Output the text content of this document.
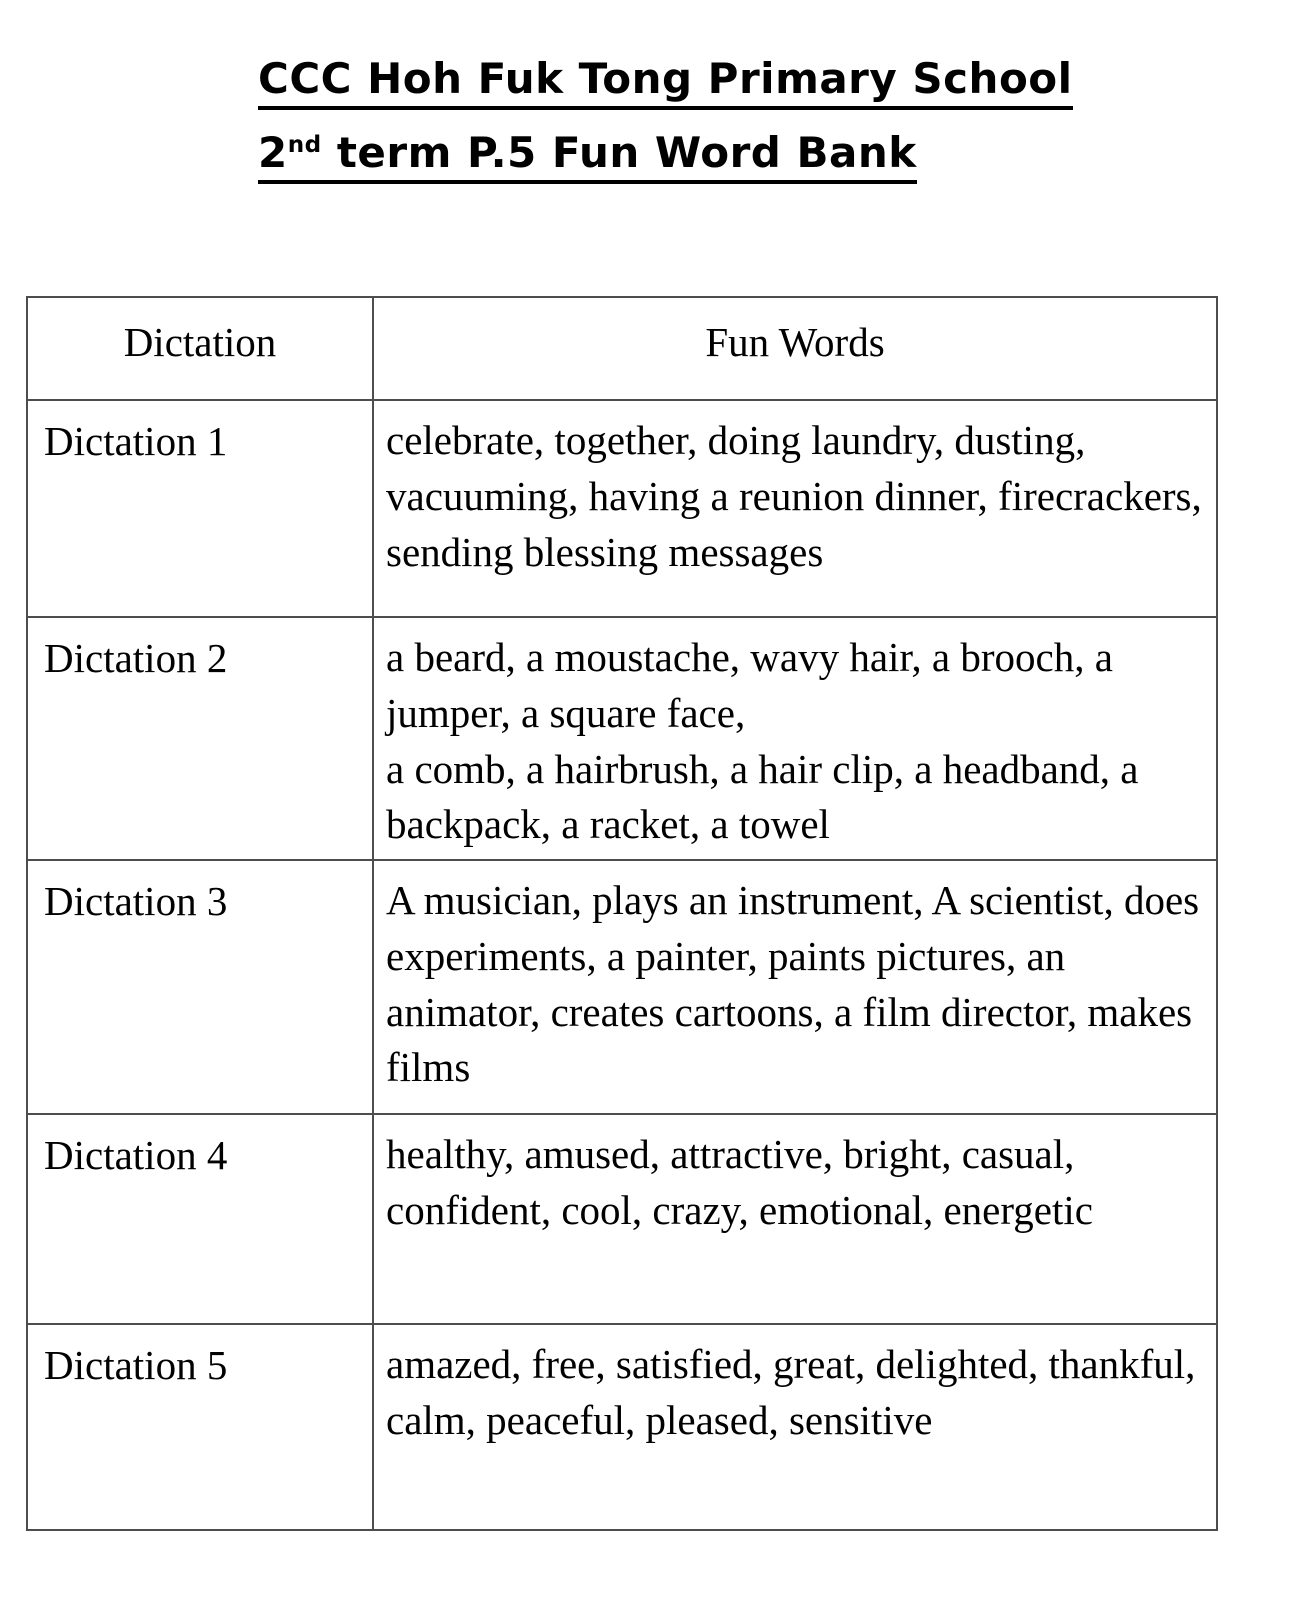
CCC Hoh Fuk Tong Primary School
2nd term P.5 Fun Word Bank
Dictation	Fun Words
Dictation 1	celebrate, together, doing laundry, dusting, vacuuming, having a reunion dinner, firecrackers, sending blessing messages

Dictation 2	a beard, a moustache, wavy hair, a brooch, a jumper, a square face,
a comb, a hairbrush, a hair clip, a headband, a backpack, a racket, a towel

Dictation 3	A musician, plays an instrument, A scientist, does experiments, a painter, paints pictures, an animator, creates cartoons, a film director, makes films

Dictation 4	healthy, amused, attractive, bright, casual, confident, cool, crazy, emotional, energetic

Dictation 5	amazed, free, satisfied, great, delighted, thankful, calm, peaceful, pleased, sensitive
